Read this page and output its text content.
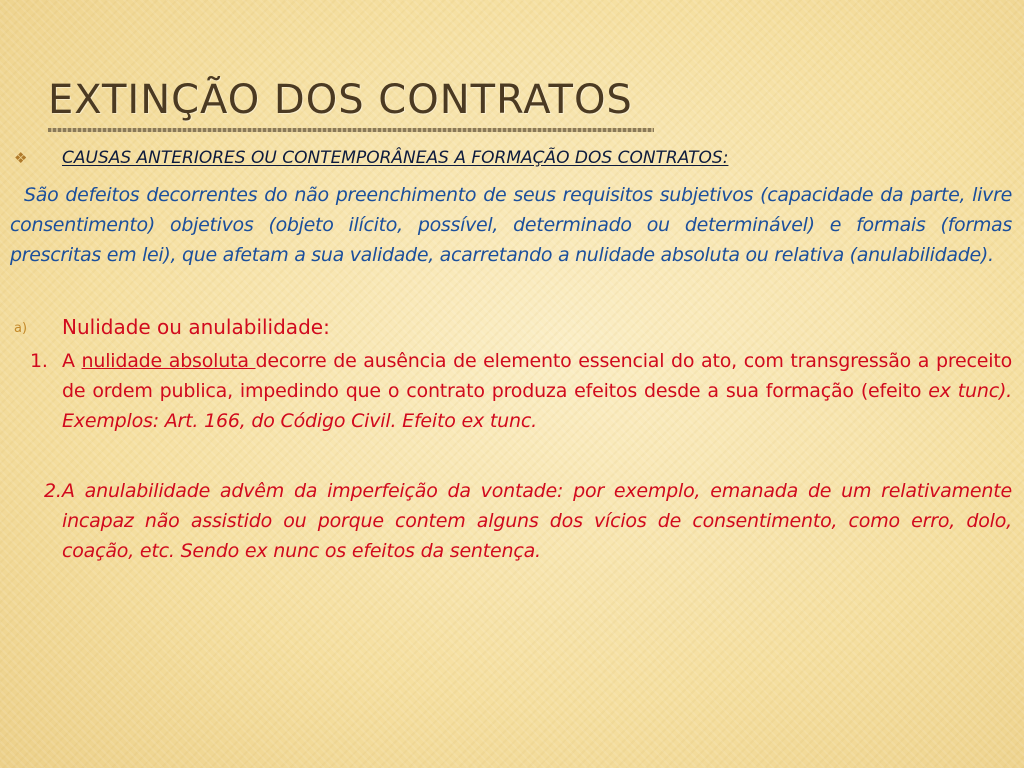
EXTINÇÃO DOS CONTRATOS
❖ CAUSAS ANTERIORES OU CONTEMPORÂNEAS A FORMAÇÃO DOS CONTRATOS:
São defeitos decorrentes do não preenchimento de seus requisitos subjetivos (capacidade da parte, livre consentimento) objetivos (objeto ilícito, possível, determinado ou determinável) e formais (formas prescritas em lei), que afetam a sua validade, acarretando a nulidade absoluta ou relativa (anulabilidade).
a) Nulidade ou anulabilidade:
1. A nulidade absoluta decorre de ausência de elemento essencial do ato, com transgressão a preceito de ordem publica, impedindo que o contrato produza efeitos desde a sua formação (efeito ex tunc). Exemplos: Art. 166, do Código Civil. Efeito ex tunc.
2. A anulabilidade advêm da imperfeição da vontade: por exemplo, emanada de um relativamente incapaz não assistido ou porque contem alguns dos vícios de consentimento, como erro, dolo, coação, etc. Sendo ex nunc os efeitos da sentença.
